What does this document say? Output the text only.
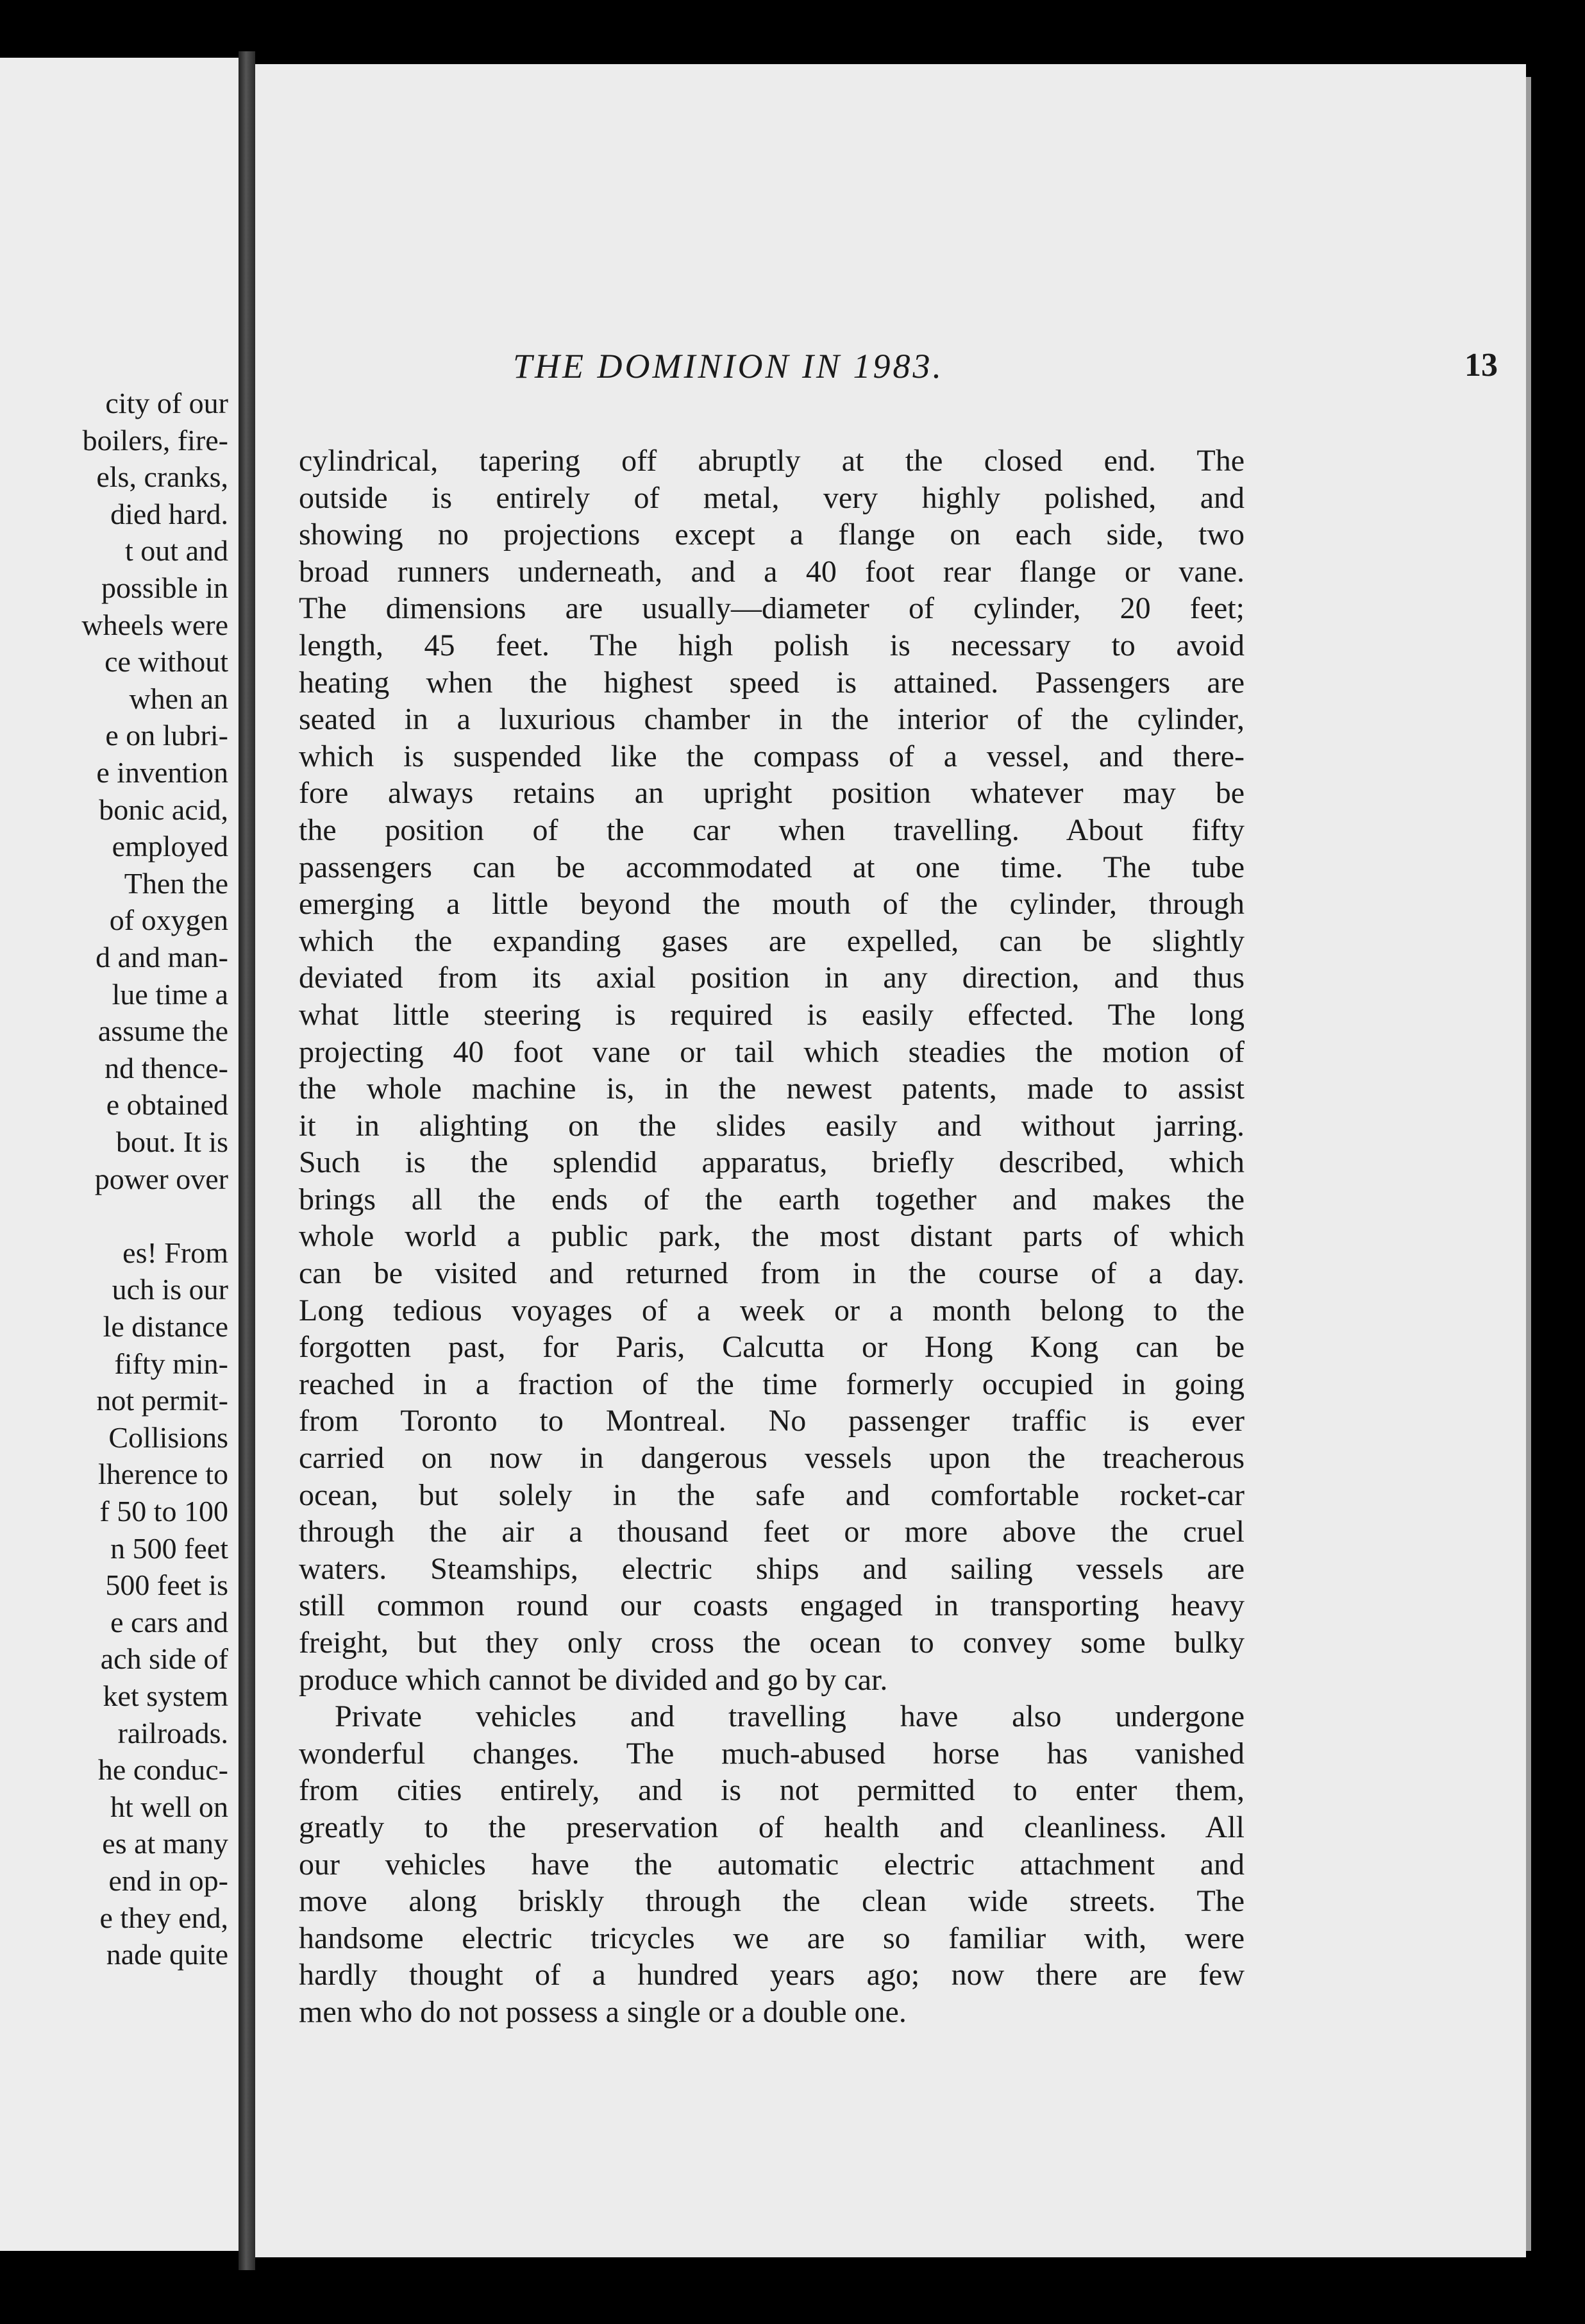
city of our
boilers, fire-
els, cranks,
died hard.
t out and
possible in
wheels were
ce without
when an
e on lubri-
e invention
bonic acid,
employed
Then the
of oxygen
d and man-
lue time a
assume the
nd thence-
e obtained
bout. It is
power over
es! From
uch is our
le distance
fifty min-
not permit-
Collisions
lherence to
f 50 to 100
n 500 feet
500 feet is
e cars and
ach side of
ket system
railroads.
he conduc-
ht well on
es at many
end in op-
e they end,
nade quite
THE DOMINION IN 1983.	13
cylindrical, tapering off abruptly at the closed end. The
outside is entirely of metal, very highly polished, and
showing no projections except a flange on each side, two
broad runners underneath, and a 40 foot rear flange or vane.
The dimensions are usually—diameter of cylinder, 20 feet;
length, 45 feet. The high polish is necessary to avoid
heating when the highest speed is attained. Passengers are
seated in a luxurious chamber in the interior of the cylinder,
which is suspended like the compass of a vessel, and there-
fore always retains an upright position whatever may be
the position of the car when travelling. About fifty
passengers can be accommodated at one time. The tube
emerging a little beyond the mouth of the cylinder, through
which the expanding gases are expelled, can be slightly
deviated from its axial position in any direction, and thus
what little steering is required is easily effected. The long
projecting 40 foot vane or tail which steadies the motion of
the whole machine is, in the newest patents, made to assist
it in alighting on the slides easily and without jarring.
Such is the splendid apparatus, briefly described, which
brings all the ends of the earth together and makes the
whole world a public park, the most distant parts of which
can be visited and returned from in the course of a day.
Long tedious voyages of a week or a month belong to the
forgotten past, for Paris, Calcutta or Hong Kong can be
reached in a fraction of the time formerly occupied in going
from Toronto to Montreal. No passenger traffic is ever
carried on now in dangerous vessels upon the treacherous
ocean, but solely in the safe and comfortable rocket-car
through the air a thousand feet or more above the cruel
waters. Steamships, electric ships and sailing vessels are
still common round our coasts engaged in transporting heavy
freight, but they only cross the ocean to convey some bulky
produce which cannot be divided and go by car.
Private vehicles and travelling have also undergone
wonderful changes. The much-abused horse has vanished
from cities entirely, and is not permitted to enter them,
greatly to the preservation of health and cleanliness. All
our vehicles have the automatic electric attachment and
move along briskly through the clean wide streets. The
handsome electric tricycles we are so familiar with, were
hardly thought of a hundred years ago; now there are few
men who do not possess a single or a double one.
